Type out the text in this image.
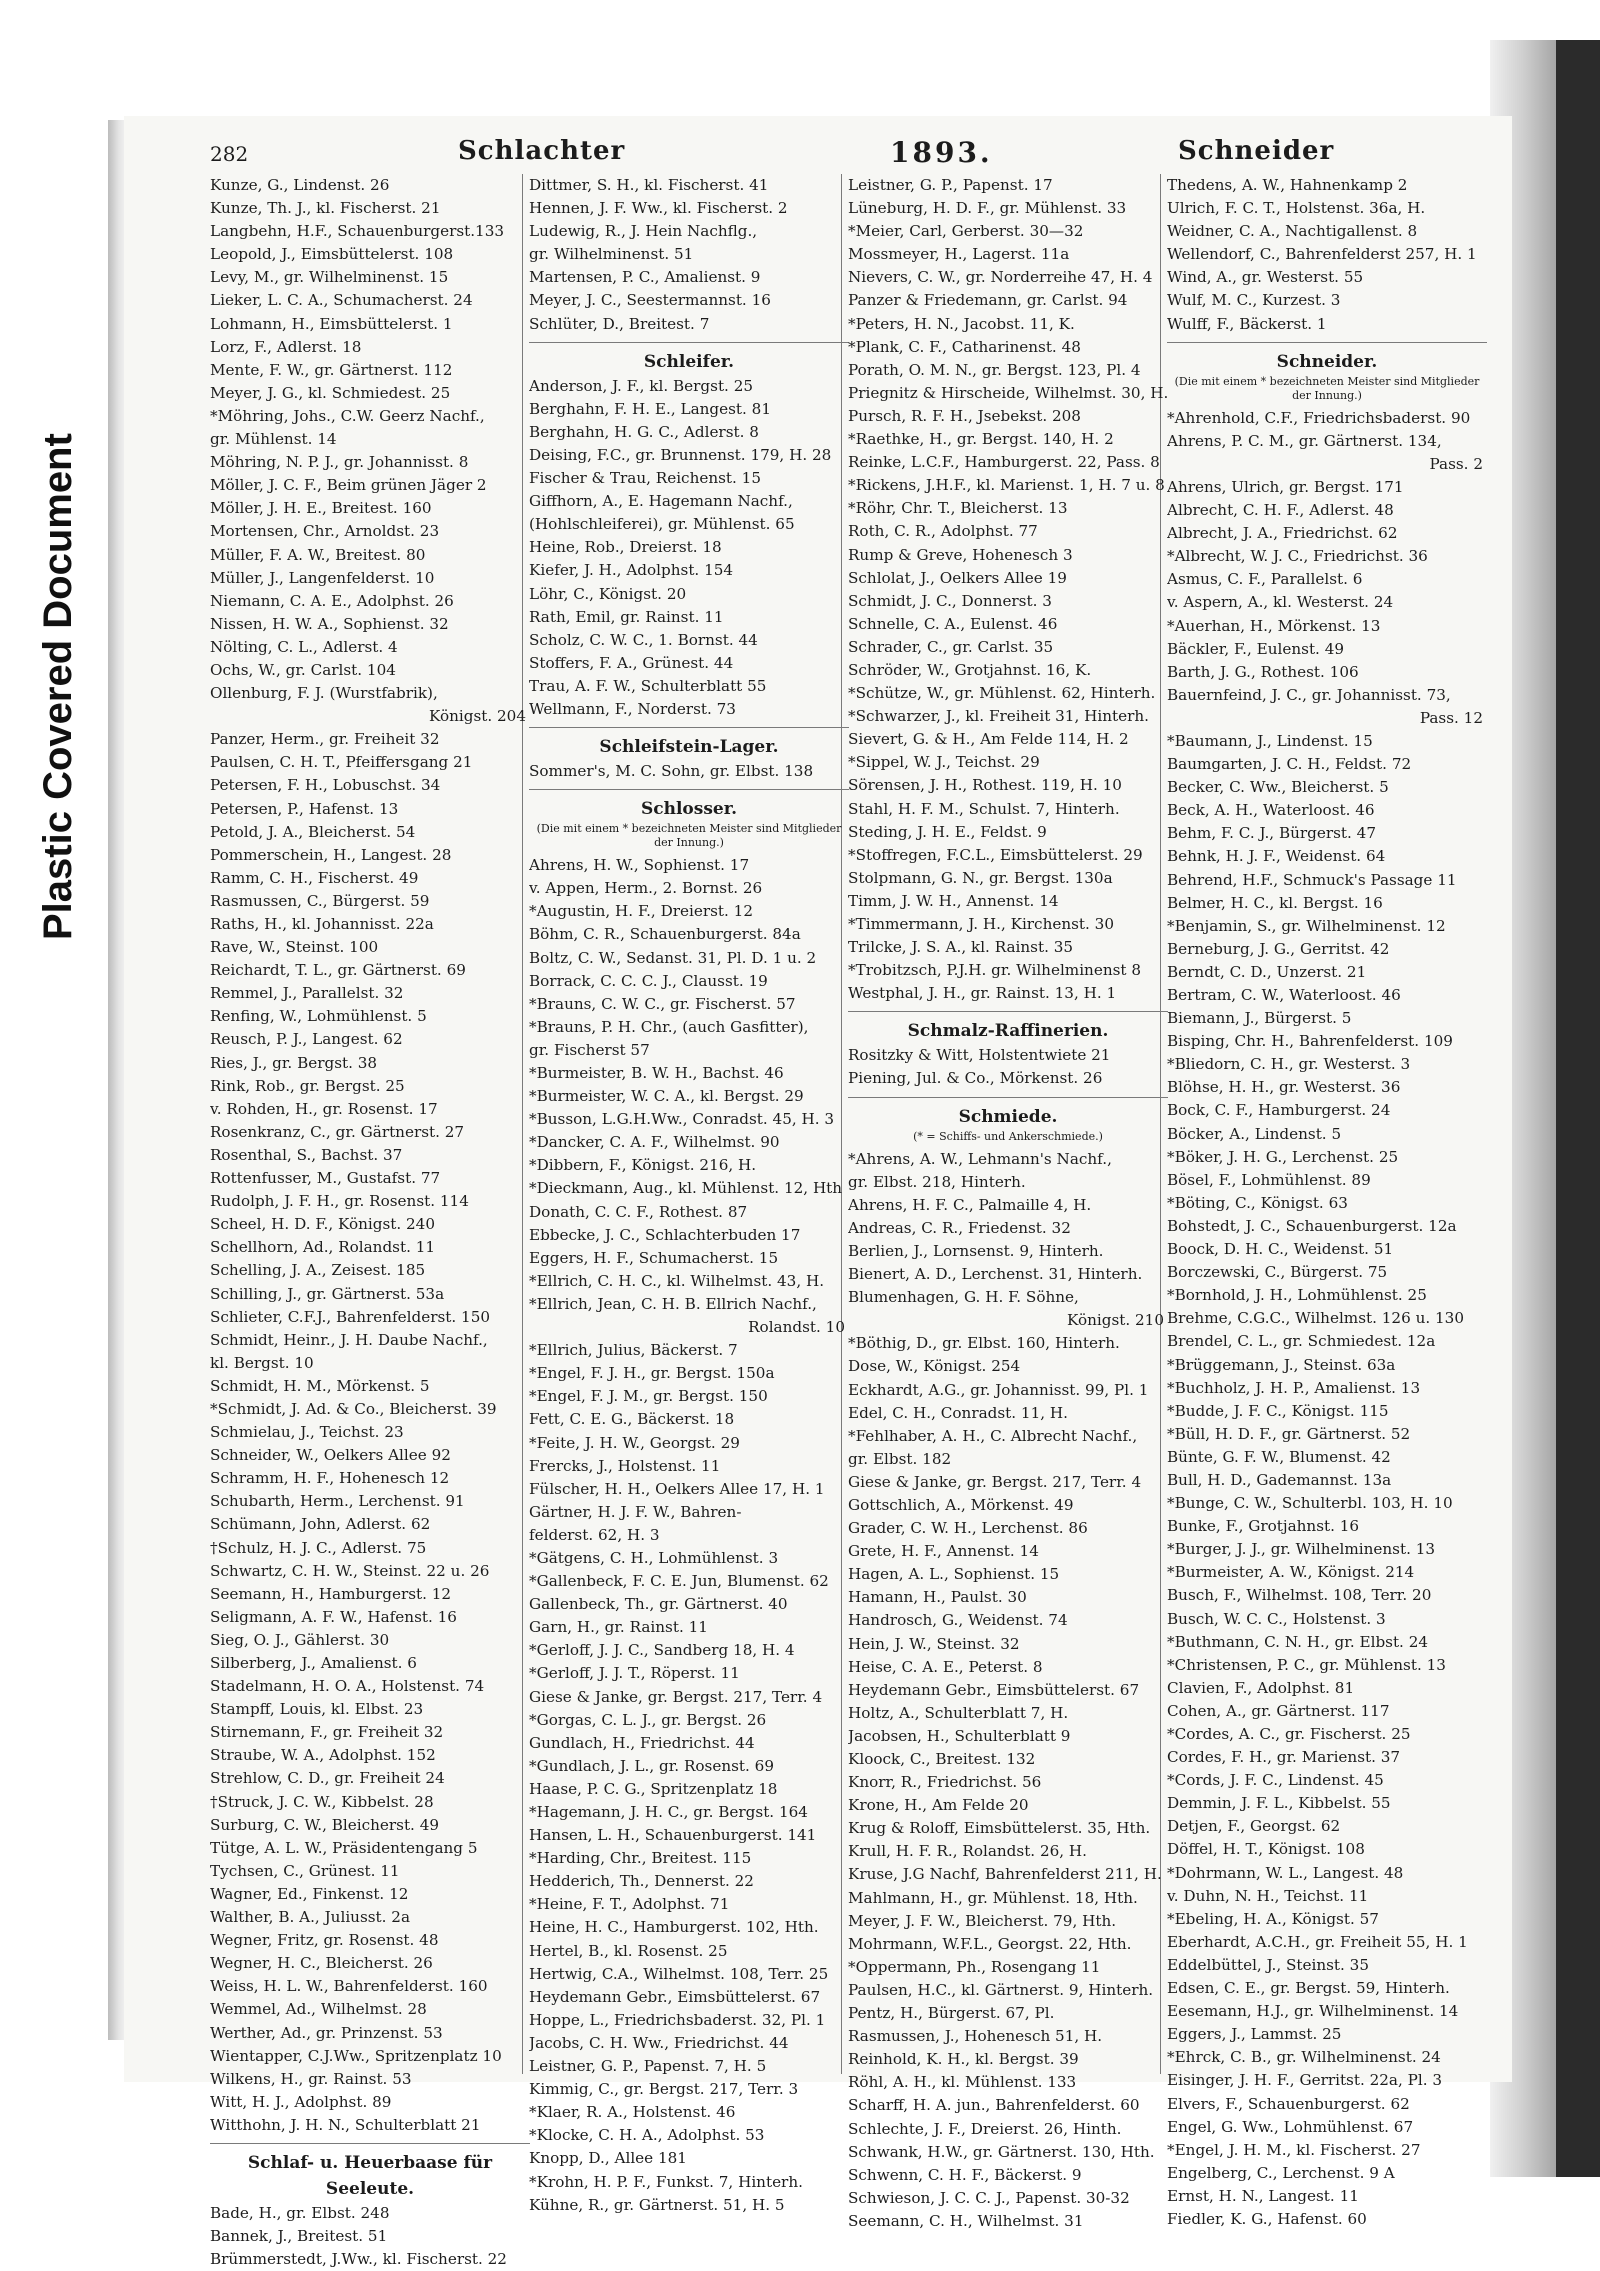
Plastic Covered Document
282	Schlachter	1893.	Schneider
Kunze, G., Lindenst. 26
Kunze, Th. J., kl. Fischerst. 21
Langbehn, H.F., Schauenburgerst.133
Leopold, J., Eimsbüttelerst. 108
Levy, M., gr. Wilhelminenst. 15
Lieker, L. C. A., Schumacherst. 24
Lohmann, H., Eimsbüttelerst. 1
Lorz, F., Adlerst. 18
Mente, F. W., gr. Gärtnerst. 112
Meyer, J. G., kl. Schmiedest. 25
*Möhring, Johs., C.W. Geerz Nachf.,
gr. Mühlenst. 14
Möhring, N. P. J., gr. Johannisst. 8
Möller, J. C. F., Beim grünen Jäger 2
Möller, J. H. E., Breitest. 160
Mortensen, Chr., Arnoldst. 23
Müller, F. A. W., Breitest. 80
Müller, J., Langenfelderst. 10
Niemann, C. A. E., Adolphst. 26
Nissen, H. W. A., Sophienst. 32
Nölting, C. L., Adlerst. 4
Ochs, W., gr. Carlst. 104
Ollenburg, F. J. (Wurstfabrik),
Königst. 204
Panzer, Herm., gr. Freiheit 32
Paulsen, C. H. T., Pfeiffersgang 21
Petersen, F. H., Lobuschst. 34
Petersen, P., Hafenst. 13
Petold, J. A., Bleicherst. 54
Pommerschein, H., Langest. 28
Ramm, C. H., Fischerst. 49
Rasmussen, C., Bürgerst. 59
Raths, H., kl. Johannisst. 22a
Rave, W., Steinst. 100
Reichardt, T. L., gr. Gärtnerst. 69
Remmel, J., Parallelst. 32
Renfing, W., Lohmühlenst. 5
Reusch, P. J., Langest. 62
Ries, J., gr. Bergst. 38
Rink, Rob., gr. Bergst. 25
v. Rohden, H., gr. Rosenst. 17
Rosenkranz, C., gr. Gärtnerst. 27
Rosenthal, S., Bachst. 37
Rottenfusser, M., Gustafst. 77
Rudolph, J. F. H., gr. Rosenst. 114
Scheel, H. D. F., Königst. 240
Schellhorn, Ad., Rolandst. 11
Schelling, J. A., Zeisest. 185
Schilling, J., gr. Gärtnerst. 53a
Schlieter, C.F.J., Bahrenfelderst. 150
Schmidt, Heinr., J. H. Daube Nachf.,
kl. Bergst. 10
Schmidt, H. M., Mörkenst. 5
*Schmidt, J. Ad. & Co., Bleicherst. 39
Schmielau, J., Teichst. 23
Schneider, W., Oelkers Allee 92
Schramm, H. F., Hohenesch 12
Schubarth, Herm., Lerchenst. 91
Schümann, John, Adlerst. 62
†Schulz, H. J. C., Adlerst. 75
Schwartz, C. H. W., Steinst. 22 u. 26
Seemann, H., Hamburgerst. 12
Seligmann, A. F. W., Hafenst. 16
Sieg, O. J., Gählerst. 30
Silberberg, J., Amalienst. 6
Stadelmann, H. O. A., Holstenst. 74
Stampff, Louis, kl. Elbst. 23
Stirnemann, F., gr. Freiheit 32
Straube, W. A., Adolphst. 152
Strehlow, C. D., gr. Freiheit 24
†Struck, J. C. W., Kibbelst. 28
Surburg, C. W., Bleicherst. 49
Tütge, A. L. W., Präsidentengang 5
Tychsen, C., Grünest. 11
Wagner, Ed., Finkenst. 12
Walther, B. A., Juliusst. 2a
Wegner, Fritz, gr. Rosenst. 48
Wegner, H. C., Bleicherst. 26
Weiss, H. L. W., Bahrenfelderst. 160
Wemmel, Ad., Wilhelmst. 28
Werther, Ad., gr. Prinzenst. 53
Wientapper, C.J.Ww., Spritzenplatz 10
Wilkens, H., gr. Rainst. 53
Witt, H. J., Adolphst. 89
Witthohn, J. H. N., Schulterblatt 21
Schlaf- u. Heuerbaase für Seeleute.
Bade, H., gr. Elbst. 248
Bannek, J., Breitest. 51
Brümmerstedt, J.Ww., kl. Fischerst. 22
Dittmer, S. H., kl. Fischerst. 41
Hennen, J. F. Ww., kl. Fischerst. 2
Ludewig, R., J. Hein Nachflg.,
gr. Wilhelminenst. 51
Martensen, P. C., Amalienst. 9
Meyer, J. C., Seestermannst. 16
Schlüter, D., Breitest. 7
Schleifer.
Anderson, J. F., kl. Bergst. 25
Berghahn, F. H. E., Langest. 81
Berghahn, H. G. C., Adlerst. 8
Deising, F.C., gr. Brunnenst. 179, H. 28
Fischer & Trau, Reichenst. 15
Giffhorn, A., E. Hagemann Nachf.,
(Hohlschleiferei), gr. Mühlenst. 65
Heine, Rob., Dreierst. 18
Kiefer, J. H., Adolphst. 154
Löhr, C., Königst. 20
Rath, Emil, gr. Rainst. 11
Scholz, C. W. C., 1. Bornst. 44
Stoffers, F. A., Grünest. 44
Trau, A. F. W., Schulterblatt 55
Wellmann, F., Norderst. 73
Schleifstein-Lager.
Sommer's, M. C. Sohn, gr. Elbst. 138
Schlosser.
(Die mit einem * bezeichneten Meister sind Mitglieder der Innung.)
Ahrens, H. W., Sophienst. 17
v. Appen, Herm., 2. Bornst. 26
*Augustin, H. F., Dreierst. 12
Böhm, C. R., Schauenburgerst. 84a
Boltz, C. W., Sedanst. 31, Pl. D. 1 u. 2
Borrack, C. C. C. J., Clausst. 19
*Brauns, C. W. C., gr. Fischerst. 57
*Brauns, P. H. Chr., (auch Gasfitter),
gr. Fischerst 57
*Burmeister, B. W. H., Bachst. 46
*Burmeister, W. C. A., kl. Bergst. 29
*Busson, L.G.H.Ww., Conradst. 45, H. 3
*Dancker, C. A. F., Wilhelmst. 90
*Dibbern, F., Königst. 216, H.
*Dieckmann, Aug., kl. Mühlenst. 12, Hth
Donath, C. C. F., Rothest. 87
Ebbecke, J. C., Schlachterbuden 17
Eggers, H. F., Schumacherst. 15
*Ellrich, C. H. C., kl. Wilhelmst. 43, H.
*Ellrich, Jean, C. H. B. Ellrich Nachf.,
Rolandst. 10
*Ellrich, Julius, Bäckerst. 7
*Engel, F. J. H., gr. Bergst. 150a
*Engel, F. J. M., gr. Bergst. 150
Fett, C. E. G., Bäckerst. 18
*Feite, J. H. W., Georgst. 29
Frercks, J., Holstenst. 11
Fülscher, H. H., Oelkers Allee 17, H. 1
Gärtner, H. J. F. W., Bahren-
felderst. 62, H. 3
*Gätgens, C. H., Lohmühlenst. 3
*Gallenbeck, F. C. E. Jun, Blumenst. 62
Gallenbeck, Th., gr. Gärtnerst. 40
Garn, H., gr. Rainst. 11
*Gerloff, J. J. C., Sandberg 18, H. 4
*Gerloff, J. J. T., Röperst. 11
Giese & Janke, gr. Bergst. 217, Terr. 4
*Gorgas, C. L. J., gr. Bergst. 26
Gundlach, H., Friedrichst. 44
*Gundlach, J. L., gr. Rosenst. 69
Haase, P. C. G., Spritzenplatz 18
*Hagemann, J. H. C., gr. Bergst. 164
Hansen, L. H., Schauenburgerst. 141
*Harding, Chr., Breitest. 115
Hedderich, Th., Dennerst. 22
*Heine, F. T., Adolphst. 71
Heine, H. C., Hamburgerst. 102, Hth.
Hertel, B., kl. Rosenst. 25
Hertwig, C.A., Wilhelmst. 108, Terr. 25
Heydemann Gebr., Eimsbüttelerst. 67
Hoppe, L., Friedrichsbaderst. 32, Pl. 1
Jacobs, C. H. Ww., Friedrichst. 44
Leistner, G. P., Papenst. 7, H. 5
Kimmig, C., gr. Bergst. 217, Terr. 3
*Klaer, R. A., Holstenst. 46
*Klocke, C. H. A., Adolphst. 53
Knopp, D., Allee 181
*Krohn, H. P. F., Funkst. 7, Hinterh.
Kühne, R., gr. Gärtnerst. 51, H. 5
Leistner, G. P., Papenst. 17
Lüneburg, H. D. F., gr. Mühlenst. 33
*Meier, Carl, Gerberst. 30—32
Mossmeyer, H., Lagerst. 11a
Nievers, C. W., gr. Norderreihe 47, H. 4
Panzer & Friedemann, gr. Carlst. 94
*Peters, H. N., Jacobst. 11, K.
*Plank, C. F., Catharinenst. 48
Porath, O. M. N., gr. Bergst. 123, Pl. 4
Priegnitz & Hirscheide, Wilhelmst. 30, H.
Pursch, R. F. H., Jsebekst. 208
*Raethke, H., gr. Bergst. 140, H. 2
Reinke, L.C.F., Hamburgerst. 22, Pass. 8
*Rickens, J.H.F., kl. Marienst. 1, H. 7 u. 8
*Röhr, Chr. T., Bleicherst. 13
Roth, C. R., Adolphst. 77
Rump & Greve, Hohenesch 3
Schlolat, J., Oelkers Allee 19
Schmidt, J. C., Donnerst. 3
Schnelle, C. A., Eulenst. 46
Schrader, C., gr. Carlst. 35
Schröder, W., Grotjahnst. 16, K.
*Schütze, W., gr. Mühlenst. 62, Hinterh.
*Schwarzer, J., kl. Freiheit 31, Hinterh.
Sievert, G. & H., Am Felde 114, H. 2
*Sippel, W. J., Teichst. 29
Sörensen, J. H., Rothest. 119, H. 10
Stahl, H. F. M., Schulst. 7, Hinterh.
Steding, J. H. E., Feldst. 9
*Stoffregen, F.C.L., Eimsbüttelerst. 29
Stolpmann, G. N., gr. Bergst. 130a
Timm, J. W. H., Annenst. 14
*Timmermann, J. H., Kirchenst. 30
Trilcke, J. S. A., kl. Rainst. 35
*Trobitzsch, P.J.H. gr. Wilhelminenst 8
Westphal, J. H., gr. Rainst. 13, H. 1
Schmalz-Raffinerien.
Rositzky & Witt, Holstentwiete 21
Piening, Jul. & Co., Mörkenst. 26
Schmiede.
(* = Schiffs- und Ankerschmiede.)
*Ahrens, A. W., Lehmann's Nachf.,
gr. Elbst. 218, Hinterh.
Ahrens, H. F. C., Palmaille 4, H.
Andreas, C. R., Friedenst. 32
Berlien, J., Lornsenst. 9, Hinterh.
Bienert, A. D., Lerchenst. 31, Hinterh.
Blumenhagen, G. H. F. Söhne,
Königst. 210
*Böthig, D., gr. Elbst. 160, Hinterh.
Dose, W., Königst. 254
Eckhardt, A.G., gr. Johannisst. 99, Pl. 1
Edel, C. H., Conradst. 11, H.
*Fehlhaber, A. H., C. Albrecht Nachf.,
gr. Elbst. 182
Giese & Janke, gr. Bergst. 217, Terr. 4
Gottschlich, A., Mörkenst. 49
Grader, C. W. H., Lerchenst. 86
Grete, H. F., Annenst. 14
Hagen, A. L., Sophienst. 15
Hamann, H., Paulst. 30
Handrosch, G., Weidenst. 74
Hein, J. W., Steinst. 32
Heise, C. A. E., Peterst. 8
Heydemann Gebr., Eimsbüttelerst. 67
Holtz, A., Schulterblatt 7, H.
Jacobsen, H., Schulterblatt 9
Kloock, C., Breitest. 132
Knorr, R., Friedrichst. 56
Krone, H., Am Felde 20
Krug & Roloff, Eimsbüttelerst. 35, Hth.
Krull, H. F. R., Rolandst. 26, H.
Kruse, J.G Nachf, Bahrenfelderst 211, H.
Mahlmann, H., gr. Mühlenst. 18, Hth.
Meyer, J. F. W., Bleicherst. 79, Hth.
Mohrmann, W.F.L., Georgst. 22, Hth.
*Oppermann, Ph., Rosengang 11
Paulsen, H.C., kl. Gärtnerst. 9, Hinterh.
Pentz, H., Bürgerst. 67, Pl.
Rasmussen, J., Hohenesch 51, H.
Reinhold, K. H., kl. Bergst. 39
Röhl, A. H., kl. Mühlenst. 133
Scharff, H. A. jun., Bahrenfelderst. 60
Schlechte, J. F., Dreierst. 26, Hinth.
Schwank, H.W., gr. Gärtnerst. 130, Hth.
Schwenn, C. H. F., Bäckerst. 9
Schwieson, J. C. C. J., Papenst. 30-32
Seemann, C. H., Wilhelmst. 31
Thedens, A. W., Hahnenkamp 2
Ulrich, F. C. T., Holstenst. 36a, H.
Weidner, C. A., Nachtigallenst. 8
Wellendorf, C., Bahrenfelderst 257, H. 1
Wind, A., gr. Westerst. 55
Wulf, M. C., Kurzest. 3
Wulff, F., Bäckerst. 1
Schneider.
(Die mit einem * bezeichneten Meister sind Mitglieder der Innung.)
*Ahrenhold, C.F., Friedrichsbaderst. 90
Ahrens, P. C. M., gr. Gärtnerst. 134,
Pass. 2
Ahrens, Ulrich, gr. Bergst. 171
Albrecht, C. H. F., Adlerst. 48
Albrecht, J. A., Friedrichst. 62
*Albrecht, W. J. C., Friedrichst. 36
Asmus, C. F., Parallelst. 6
v. Aspern, A., kl. Westerst. 24
*Auerhan, H., Mörkenst. 13
Bäckler, F., Eulenst. 49
Barth, J. G., Rothest. 106
Bauernfeind, J. C., gr. Johannisst. 73,
Pass. 12
*Baumann, J., Lindenst. 15
Baumgarten, J. C. H., Feldst. 72
Becker, C. Ww., Bleicherst. 5
Beck, A. H., Waterloost. 46
Behm, F. C. J., Bürgerst. 47
Behnk, H. J. F., Weidenst. 64
Behrend, H.F., Schmuck's Passage 11
Belmer, H. C., kl. Bergst. 16
*Benjamin, S., gr. Wilhelminenst. 12
Berneburg, J. G., Gerritst. 42
Berndt, C. D., Unzerst. 21
Bertram, C. W., Waterloost. 46
Biemann, J., Bürgerst. 5
Bisping, Chr. H., Bahrenfelderst. 109
*Bliedorn, C. H., gr. Westerst. 3
Blöhse, H. H., gr. Westerst. 36
Bock, C. F., Hamburgerst. 24
Böcker, A., Lindenst. 5
*Böker, J. H. G., Lerchenst. 25
Bösel, F., Lohmühlenst. 89
*Böting, C., Königst. 63
Bohstedt, J. C., Schauenburgerst. 12a
Boock, D. H. C., Weidenst. 51
Borczewski, C., Bürgerst. 75
*Bornhold, J. H., Lohmühlenst. 25
Brehme, C.G.C., Wilhelmst. 126 u. 130
Brendel, C. L., gr. Schmiedest. 12a
*Brüggemann, J., Steinst. 63a
*Buchholz, J. H. P., Amalienst. 13
*Budde, J. F. C., Königst. 115
*Büll, H. D. F., gr. Gärtnerst. 52
Bünte, G. F. W., Blumenst. 42
Bull, H. D., Gademannst. 13a
*Bunge, C. W., Schulterbl. 103, H. 10
Bunke, F., Grotjahnst. 16
*Burger, J. J., gr. Wilhelminenst. 13
*Burmeister, A. W., Königst. 214
Busch, F., Wilhelmst. 108, Terr. 20
Busch, W. C. C., Holstenst. 3
*Buthmann, C. N. H., gr. Elbst. 24
*Christensen, P. C., gr. Mühlenst. 13
Clavien, F., Adolphst. 81
Cohen, A., gr. Gärtnerst. 117
*Cordes, A. C., gr. Fischerst. 25
Cordes, F. H., gr. Marienst. 37
*Cords, J. F. C., Lindenst. 45
Demmin, J. F. L., Kibbelst. 55
Detjen, F., Georgst. 62
Döffel, H. T., Königst. 108
*Dohrmann, W. L., Langest. 48
v. Duhn, N. H., Teichst. 11
*Ebeling, H. A., Königst. 57
Eberhardt, A.C.H., gr. Freiheit 55, H. 1
Eddelbüttel, J., Steinst. 35
Edsen, C. E., gr. Bergst. 59, Hinterh.
Eesemann, H.J., gr. Wilhelminenst. 14
Eggers, J., Lammst. 25
*Ehrck, C. B., gr. Wilhelminenst. 24
Eisinger, J. H. F., Gerritst. 22a, Pl. 3
Elvers, F., Schauenburgerst. 62
Engel, G. Ww., Lohmühlenst. 67
*Engel, J. H. M., kl. Fischerst. 27
Engelberg, C., Lerchenst. 9 A
Ernst, H. N., Langest. 11
Fiedler, K. G., Hafenst. 60
